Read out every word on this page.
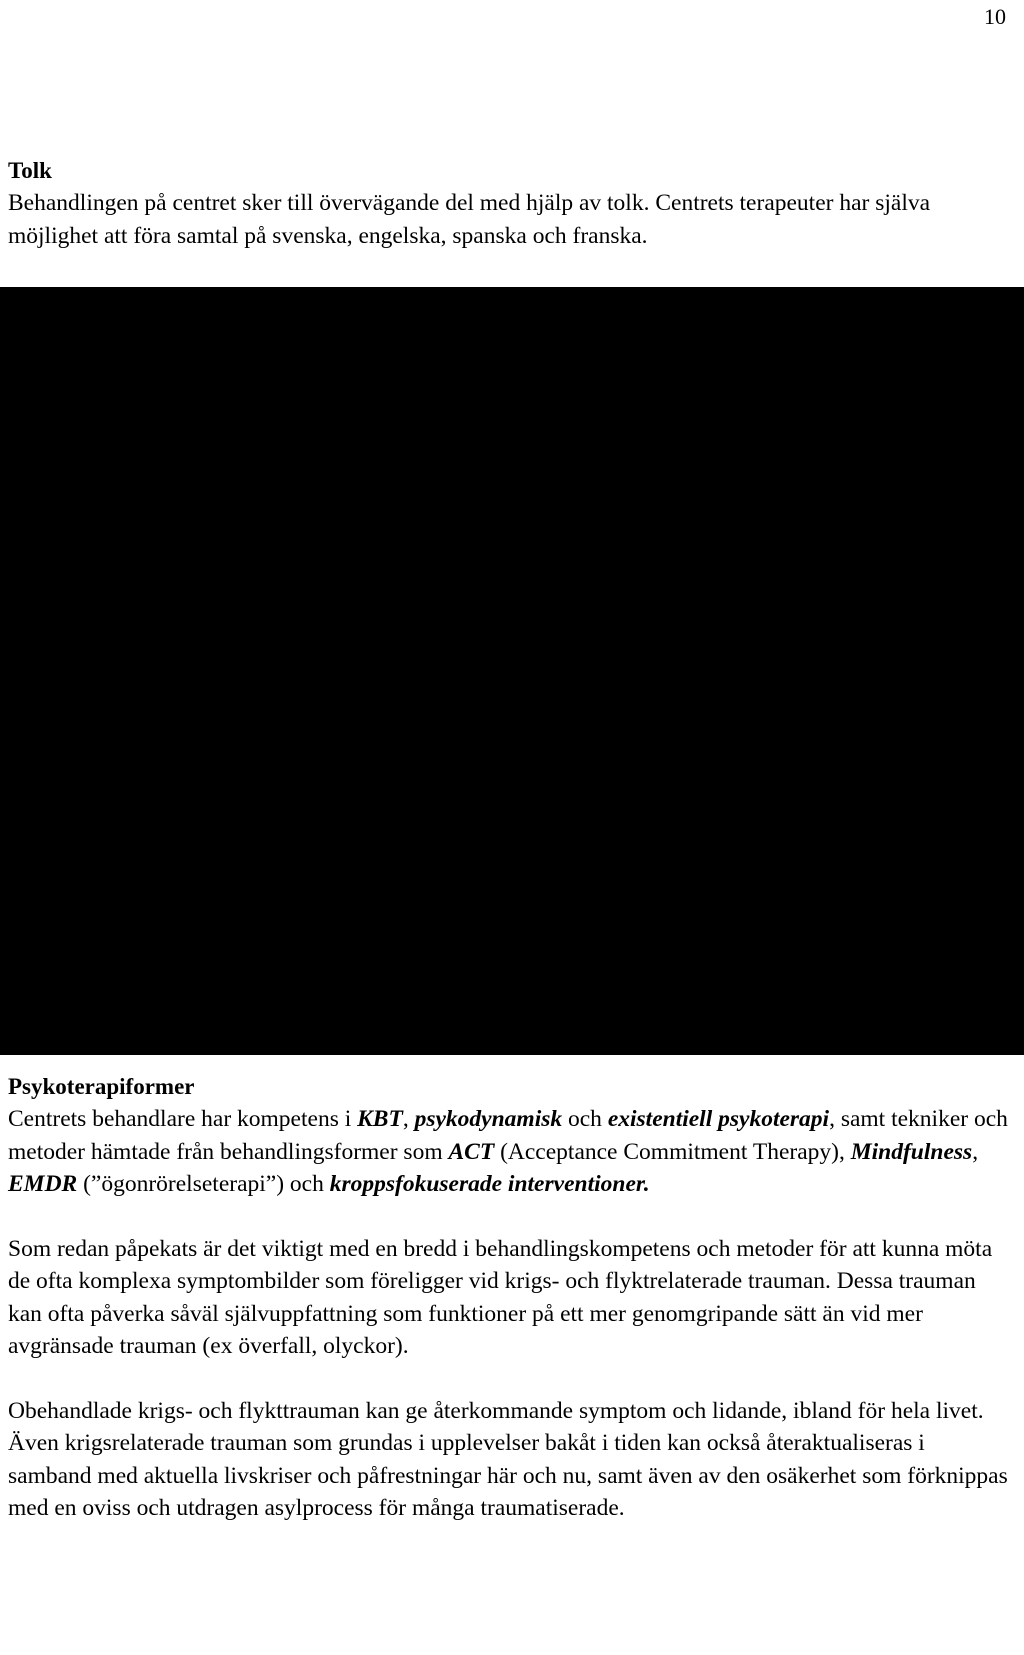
10
Tolk

Behandlingen på centret sker till övervägande del med hjälp av tolk. Centrets terapeuter har själva möjlighet att föra samtal på svenska, engelska, spanska och franska.

Psykoterapiformer

Centrets behandlare har kompetens i KBT, psykodynamisk och existentiell psykoterapi, samt tekniker och metoder hämtade från behandlingsformer som ACT (Acceptance Commitment Therapy), Mindfulness, EMDR (”ögonrörelseterapi”) och kroppsfokuserade interventioner.

Som redan påpekats är det viktigt med en bredd i behandlingskompetens och metoder för att kunna möta de ofta komplexa symptombilder som föreligger vid krigs- och flyktrelaterade trauman. Dessa trauman kan ofta påverka såväl självuppfattning som funktioner på ett mer genomgripande sätt än vid mer avgränsade trauman (ex överfall, olyckor).

Obehandlade krigs- och flykttrauman kan ge återkommande symptom och lidande, ibland för hela livet. Även krigsrelaterade trauman som grundas i upplevelser bakåt i tiden kan också återaktualiseras i samband med aktuella livskriser och påfrestningar här och nu, samt även av den osäkerhet som förknippas med en oviss och utdragen asylprocess för många traumatiserade.
